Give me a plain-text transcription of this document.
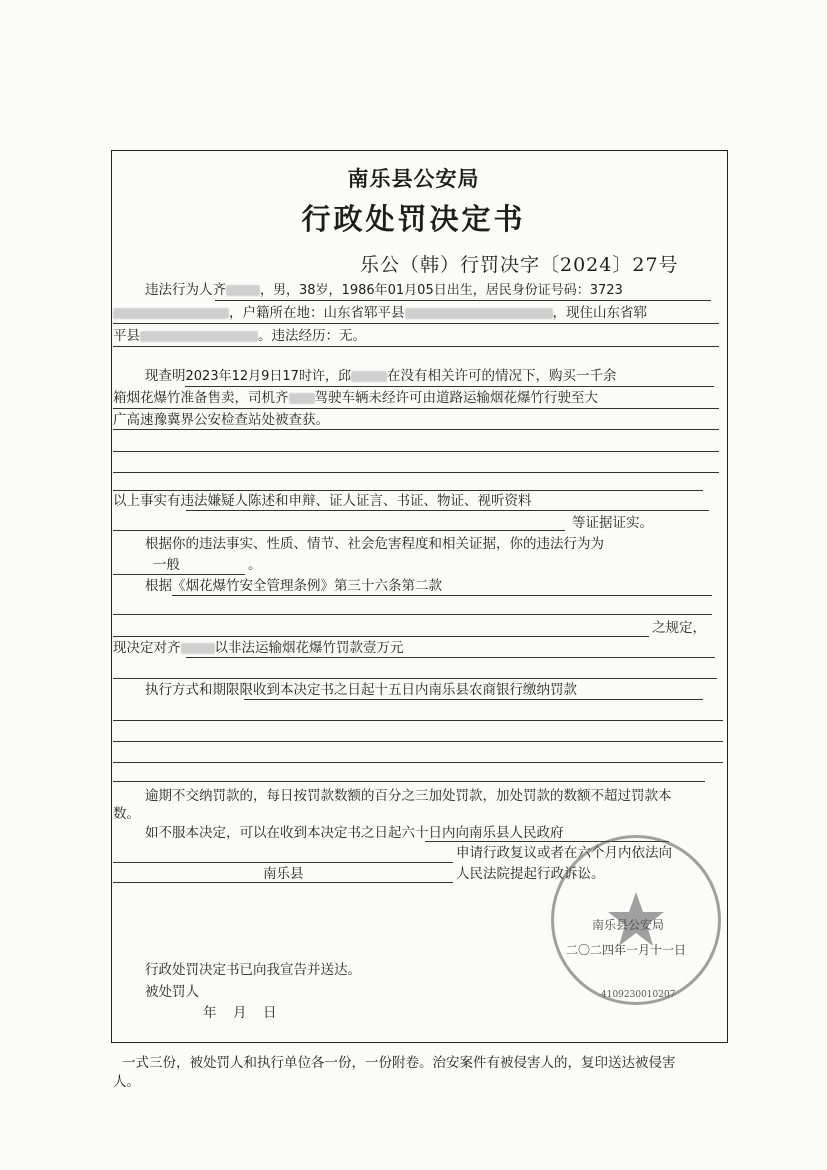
南乐县公安局
行政处罚决定书
乐公（韩）行罚决字〔2024〕27号
违法行为人齐	，男，38岁，1986年01月05日出生，居民身份证号码：3723
，户籍所在地：山东省郓平县	，现住山东省郓
平县	。违法经历：无。
现查明2023年12月9日17时许，邱	在没有相关许可的情况下，购买一千余
箱烟花爆竹准备售卖，司机齐 驾驶车辆未经许可由道路运输烟花爆竹行驶至大
广高速豫冀界公安检查站处被查获。
以上事实有违法嫌疑人陈述和申辩、证人证言、书证、物证、视听资料
等证据证实。
根据你的违法事实、性质、情节、社会危害程度和相关证据，你的违法行为为
一般	。
根据《烟花爆竹安全管理条例》第三十六条第二款
之规定，
现决定对齐	以非法运输烟花爆竹罚款壹万元
执行方式和期限限收到本决定书之日起十五日内南乐县农商银行缴纳罚款
逾期不交纳罚款的，每日按罚款数额的百分之三加处罚款，加处罚款的数额不超过罚款本
数。
如不服本决定，可以在收到本决定书之日起六十日内向南乐县人民政府
申请行政复议或者在六个月内依法向
南乐县	人民法院提起行政诉讼。
南乐县公安局
二〇二四年一月十一日
4109230010207
行政处罚决定书已向我宣告并送达。
被处罚人
年 月 日
一式三份，被处罚人和执行单位各一份，一份附卷。治安案件有被侵害人的，复印送达被侵害
人。
